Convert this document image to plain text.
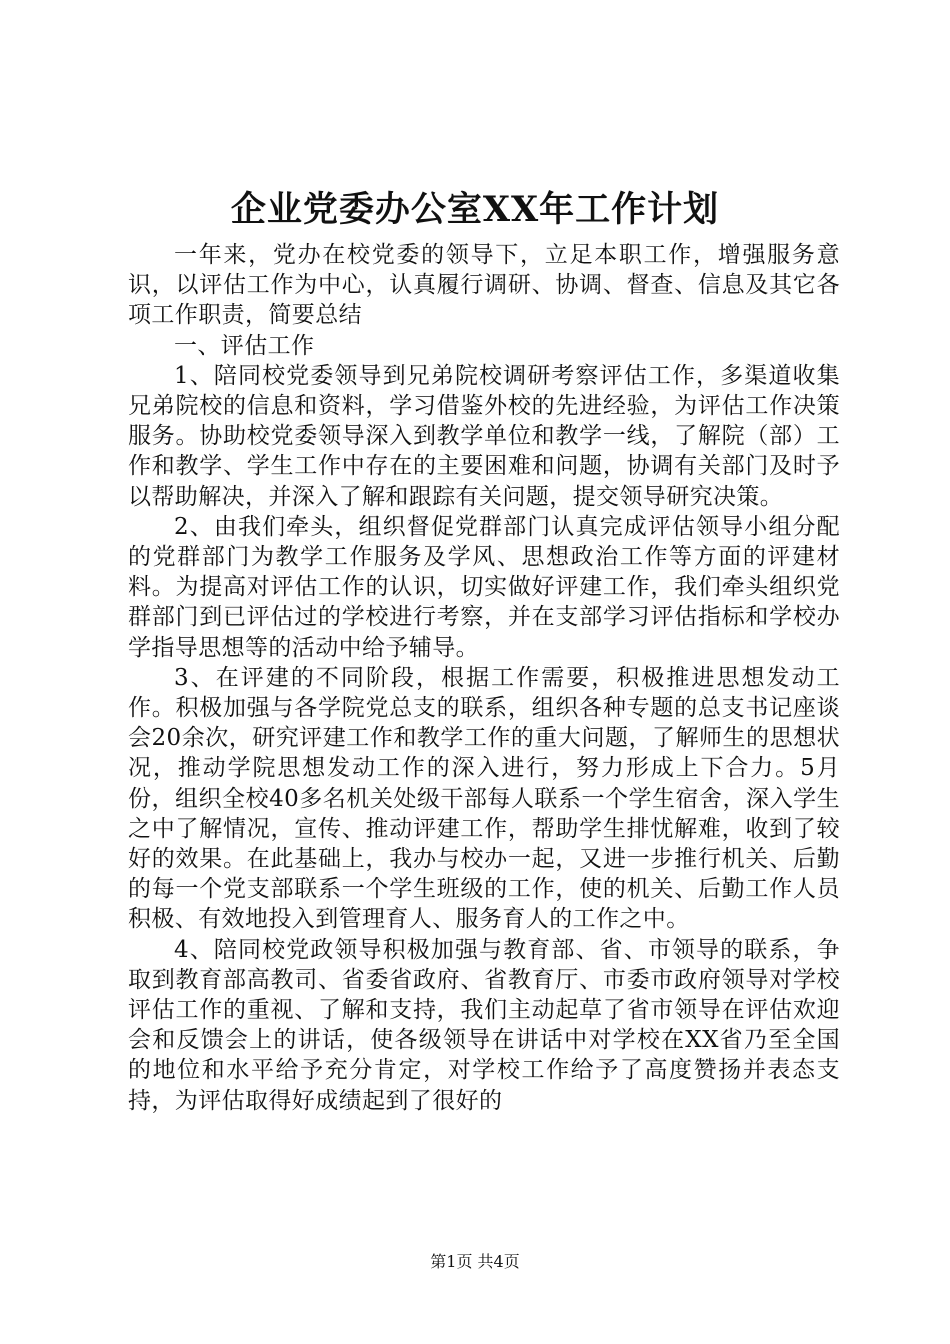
企业党委办公室XX年工作计划

一年来，党办在校党委的领导下，立足本职工作，增强服务意识，以评估工作为中心，认真履行调研、协调、督查、信息及其它各项工作职责，简要总结

一、评估工作

1、陪同校党委领导到兄弟院校调研考察评估工作，多渠道收集兄弟院校的信息和资料，学习借鉴外校的先进经验，为评估工作决策服务。协助校党委领导深入到教学单位和教学一线，了解院（部）工作和教学、学生工作中存在的主要困难和问题，协调有关部门及时予以帮助解决，并深入了解和跟踪有关问题，提交领导研究决策。

2、由我们牵头，组织督促党群部门认真完成评估领导小组分配的党群部门为教学工作服务及学风、思想政治工作等方面的评建材料。为提高对评估工作的认识，切实做好评建工作，我们牵头组织党群部门到已评估过的学校进行考察，并在支部学习评估指标和学校办学指导思想等的活动中给予辅导。

3、在评建的不同阶段，根据工作需要，积极推进思想发动工作。积极加强与各学院党总支的联系，组织各种专题的总支书记座谈会20余次，研究评建工作和教学工作的重大问题，了解师生的思想状况，推动学院思想发动工作的深入进行，努力形成上下合力。5月份，组织全校40多名机关处级干部每人联系一个学生宿舍，深入学生之中了解情况，宣传、推动评建工作，帮助学生排忧解难，收到了较好的效果。在此基础上，我办与校办一起，又进一步推行机关、后勤的每一个党支部联系一个学生班级的工作，使的机关、后勤工作人员积极、有效地投入到管理育人、服务育人的工作之中。

4、陪同校党政领导积极加强与教育部、省、市领导的联系，争取到教育部高教司、省委省政府、省教育厅、市委市政府领导对学校评估工作的重视、了解和支持，我们主动起草了省市领导在评估欢迎会和反馈会上的讲话，使各级领导在讲话中对学校在XX省乃至全国的地位和水平给予充分肯定，对学校工作给予了高度赞扬并表态支持，为评估取得好成绩起到了很好的

第1页 共4页
